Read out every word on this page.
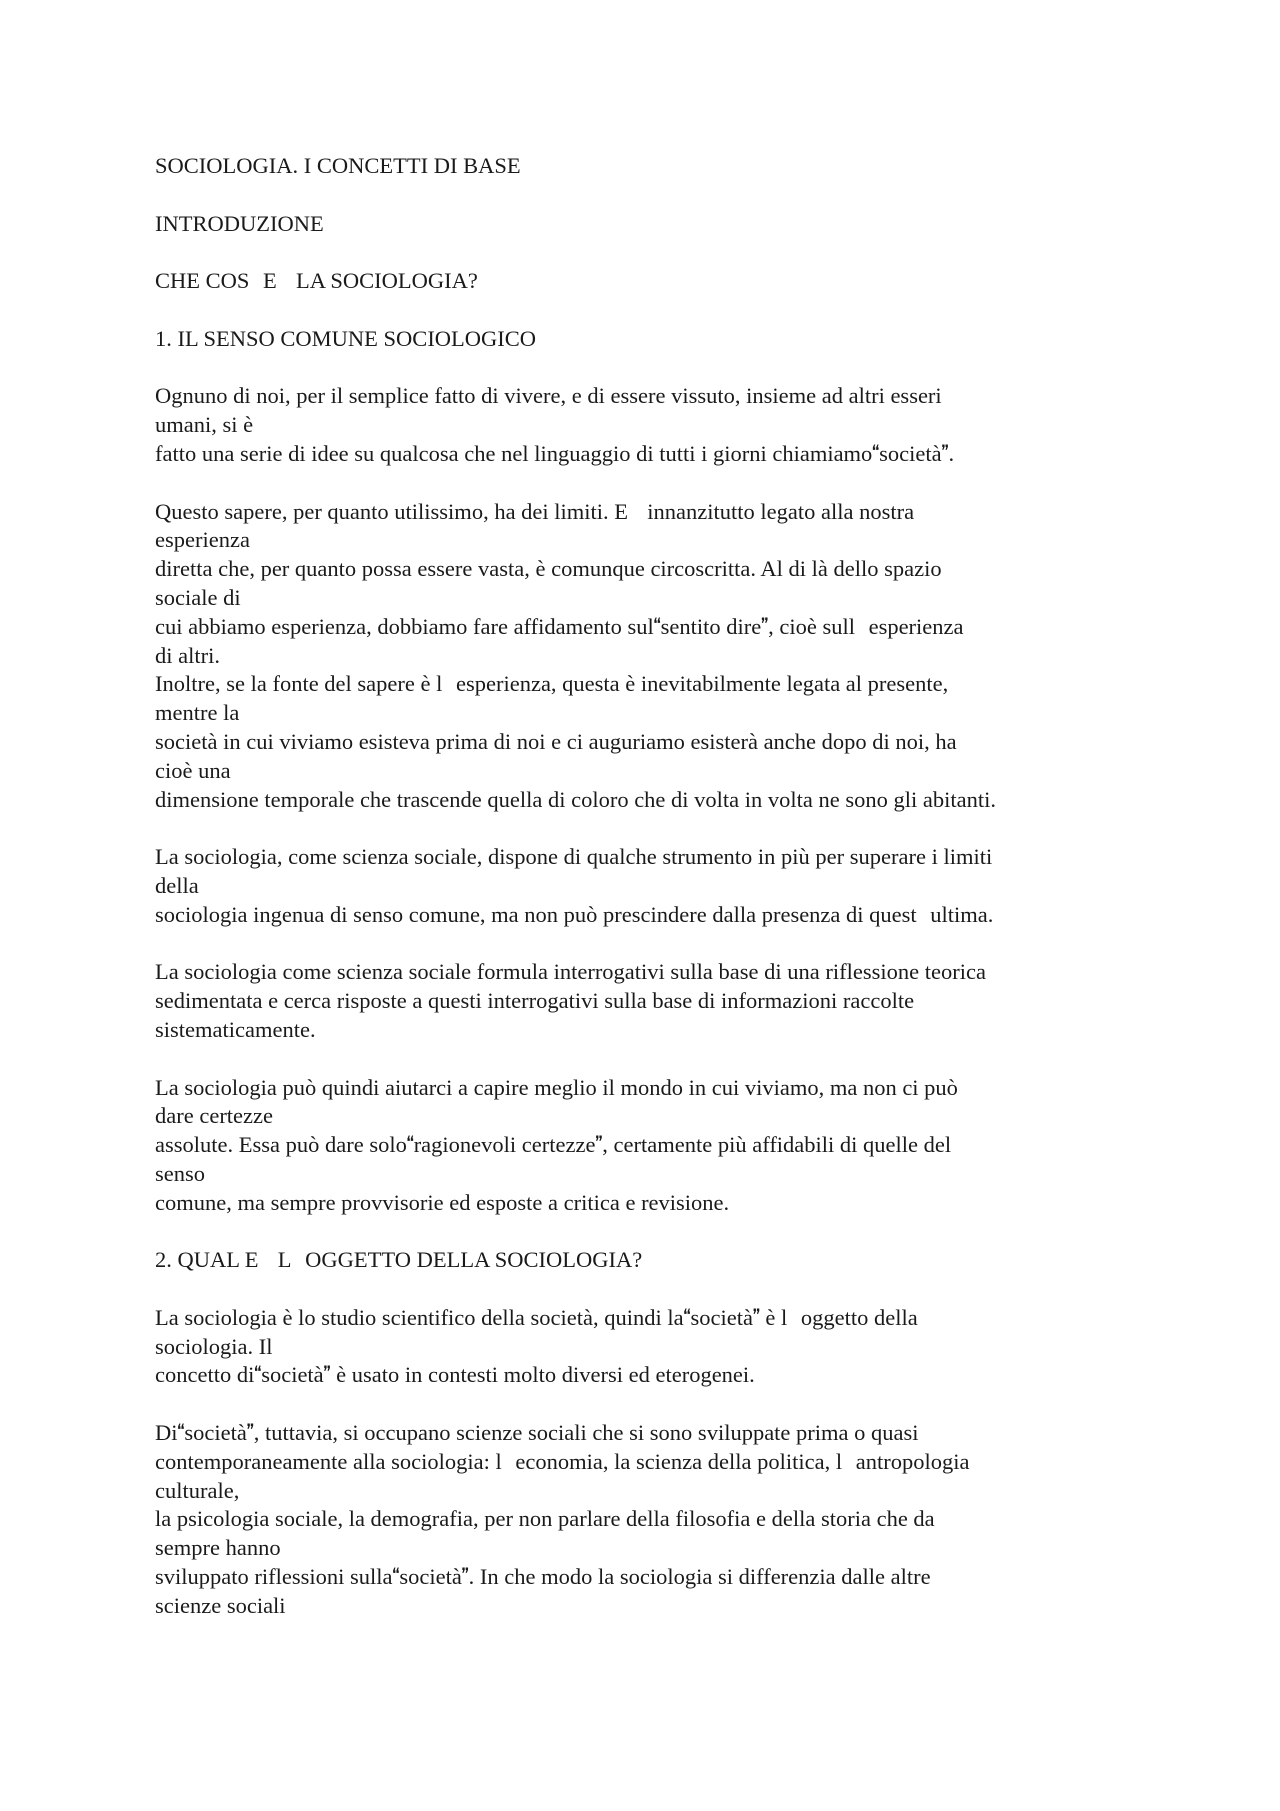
SOCIOLOGIA. I CONCETTI DI BASE
INTRODUZIONE
CHE COSE LA SOCIOLOGIA?
1. IL SENSO COMUNE SOCIOLOGICO
Ognuno di noi, per il semplice fatto di vivere, e di essere vissuto, insieme ad altri esseri
umani, si è
fatto una serie di idee su qualcosa che nel linguaggio di tutti i giorni chiamiamosocietà.
Questo sapere, per quanto utilissimo, ha dei limiti. E innanzitutto legato alla nostra
esperienza
diretta che, per quanto possa essere vasta, è comunque circoscritta. Al di là dello spazio
sociale di
cui abbiamo esperienza, dobbiamo fare affidamento sulsentito dire, cioè sullesperienza
di altri.
Inoltre, se la fonte del sapere è lesperienza, questa è inevitabilmente legata al presente,
mentre la
società in cui viviamo esisteva prima di noi e ci auguriamo esisterà anche dopo di noi, ha
cioè una
dimensione temporale che trascende quella di coloro che di volta in volta ne sono gli abitanti.
La sociologia, come scienza sociale, dispone di qualche strumento in più per superare i limiti
della
sociologia ingenua di senso comune, ma non può prescindere dalla presenza di questultima.
La sociologia come scienza sociale formula interrogativi sulla base di una riflessione teorica
sedimentata e cerca risposte a questi interrogativi sulla base di informazioni raccolte
sistematicamente.
La sociologia può quindi aiutarci a capire meglio il mondo in cui viviamo, ma non ci può
dare certezze
assolute. Essa può dare soloragionevoli certezze, certamente più affidabili di quelle del
senso
comune, ma sempre provvisorie ed esposte a critica e revisione.
2. QUAL E LOGGETTO DELLA SOCIOLOGIA?
La sociologia è lo studio scientifico della società, quindi lasocietà è loggetto della
sociologia. Il
concetto disocietà è usato in contesti molto diversi ed eterogenei.
Disocietà, tuttavia, si occupano scienze sociali che si sono sviluppate prima o quasi
contemporaneamente alla sociologia: leconomia, la scienza della politica, lantropologia
culturale,
la psicologia sociale, la demografia, per non parlare della filosofia e della storia che da
sempre hanno
sviluppato riflessioni sullasocietà. In che modo la sociologia si differenzia dalle altre
scienze sociali
